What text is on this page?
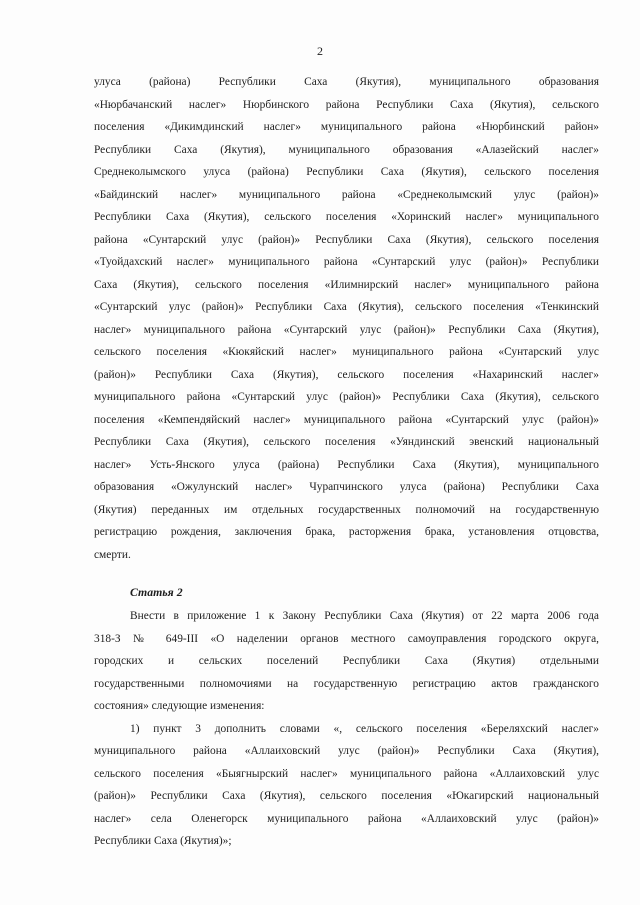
2
улуса (района) Республики Саха (Якутия), муниципального образования
«Нюрбачанский наслег» Нюрбинского района Республики Саха (Якутия), сельского
поселения «Дикимдинский наслег» муниципального района «Нюрбинский район»
Республики Саха (Якутия), муниципального образования «Алазейский наслег»
Среднеколымского улуса (района) Республики Саха (Якутия), сельского поселения
«Байдинский наслег» муниципального района «Среднеколымский улус (район)»
Республики Саха (Якутия), сельского поселения «Хоринский наслег» муниципального
района «Сунтарский улус (район)» Республики Саха (Якутия), сельского поселения
«Туойдахский наслег» муниципального района «Сунтарский улус (район)» Республики
Саха (Якутия), сельского поселения «Илимнирский наслег» муниципального района
«Сунтарский улус (район)» Республики Саха (Якутия), сельского поселения «Тенкинский
наслег» муниципального района «Сунтарский улус (район)» Республики Саха (Якутия),
сельского поселения «Кюкяйский наслег» муниципального района «Сунтарский улус
(район)» Республики Саха (Якутия), сельского поселения «Нахаринский наслег»
муниципального района «Сунтарский улус (район)» Республики Саха (Якутия), сельского
поселения «Кемпендяйский наслег» муниципального района «Сунтарский улус (район)»
Республики Саха (Якутия), сельского поселения «Уяндинский эвенский национальный
наслег» Усть-Янского улуса (района) Республики Саха (Якутия), муниципального
образования «Ожулунский наслег» Чурапчинского улуса (района) Республики Саха
(Якутия) переданных им отдельных государственных полномочий на государственную
регистрацию рождения, заключения брака, расторжения брака, установления отцовства,
смерти.
Статья 2
Внести в приложение 1 к Закону Республики Саха (Якутия) от 22 марта 2006 года
318-З № 649-III «О наделении органов местного самоуправления городского округа,
городских и сельских поселений Республики Саха (Якутия) отдельными
государственными полномочиями на государственную регистрацию актов гражданского
состояния» следующие изменения:
1) пункт 3 дополнить словами «, сельского поселения «Береляхский наслег»
муниципального района «Аллаиховский улус (район)» Республики Саха (Якутия),
сельского поселения «Быягнырский наслег» муниципального района «Аллаиховский улус
(район)» Республики Саха (Якутия), сельского поселения «Юкагирский национальный
наслег» села Оленегорск муниципального района «Аллаиховский улус (район)»
Республики Саха (Якутия)»;
